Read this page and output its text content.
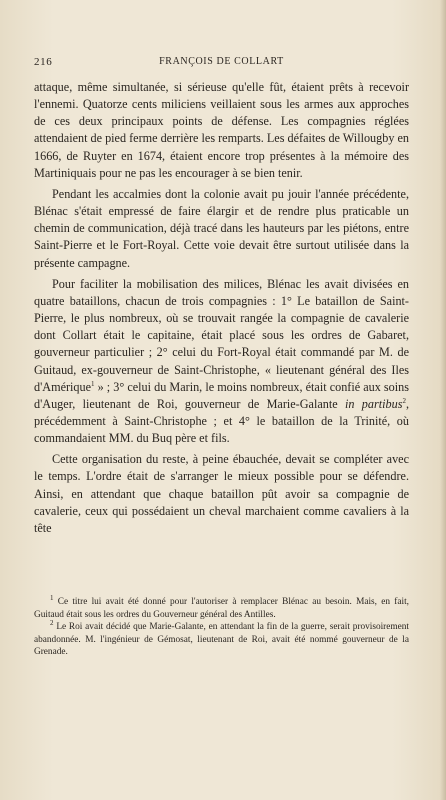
216	FRANÇOIS DE COLLART

attaque, même simultanée, si sérieuse qu'elle fût, étaient prêts à recevoir l'ennemi. Quatorze cents miliciens veillaient sous les armes aux approches de ces deux principaux points de défense. Les compagnies réglées attendaient de pied ferme derrière les remparts. Les défaites de Willougby en 1666, de Ruyter en 1674, étaient encore trop présentes à la mémoire des Martiniquais pour ne pas les encourager à se bien tenir.

Pendant les accalmies dont la colonie avait pu jouir l'année précédente, Blénac s'était empressé de faire élargir et de rendre plus praticable un chemin de communication, déjà tracé dans les hauteurs par les piétons, entre Saint-Pierre et le Fort-Royal. Cette voie devait être surtout utilisée dans la présente campagne.

Pour faciliter la mobilisation des milices, Blénac les avait divisées en quatre bataillons, chacun de trois compagnies : 1° Le bataillon de Saint-Pierre, le plus nombreux, où se trouvait rangée la compagnie de cavalerie dont Collart était le capitaine, était placé sous les ordres de Gabaret, gouverneur particulier ; 2° celui du Fort-Royal était commandé par M. de Guitaud, ex-gouverneur de Saint-Christophe, « lieutenant général des Iles d'Amérique$^1$ » ; 3° celui du Marin, le moins nombreux, était confié aux soins d'Auger, lieutenant de Roi, gouverneur de Marie-Galante in partibus$^2$, précédemment à Saint-Christophe ; et 4° le bataillon de la Trinité, où commandaient MM. du Buq père et fils.

Cette organisation du reste, à peine ébauchée, devait se compléter avec le temps. L'ordre était de s'arranger le mieux possible pour se défendre. Ainsi, en attendant que chaque bataillon pût avoir sa compagnie de cavalerie, ceux qui possédaient un cheval marchaient comme cavaliers à la tête

$^1$ Ce titre lui avait été donné pour l'autoriser à remplacer Blénac au besoin. Mais, en fait, Guitaud était sous les ordres du Gouverneur général des Antilles.

$^2$ Le Roi avait décidé que Marie-Galante, en attendant la fin de la guerre, serait provisoirement abandonnée. M. l'ingénieur de Gémosat, lieutenant de Roi, avait été nommé gouverneur de la Grenade.
